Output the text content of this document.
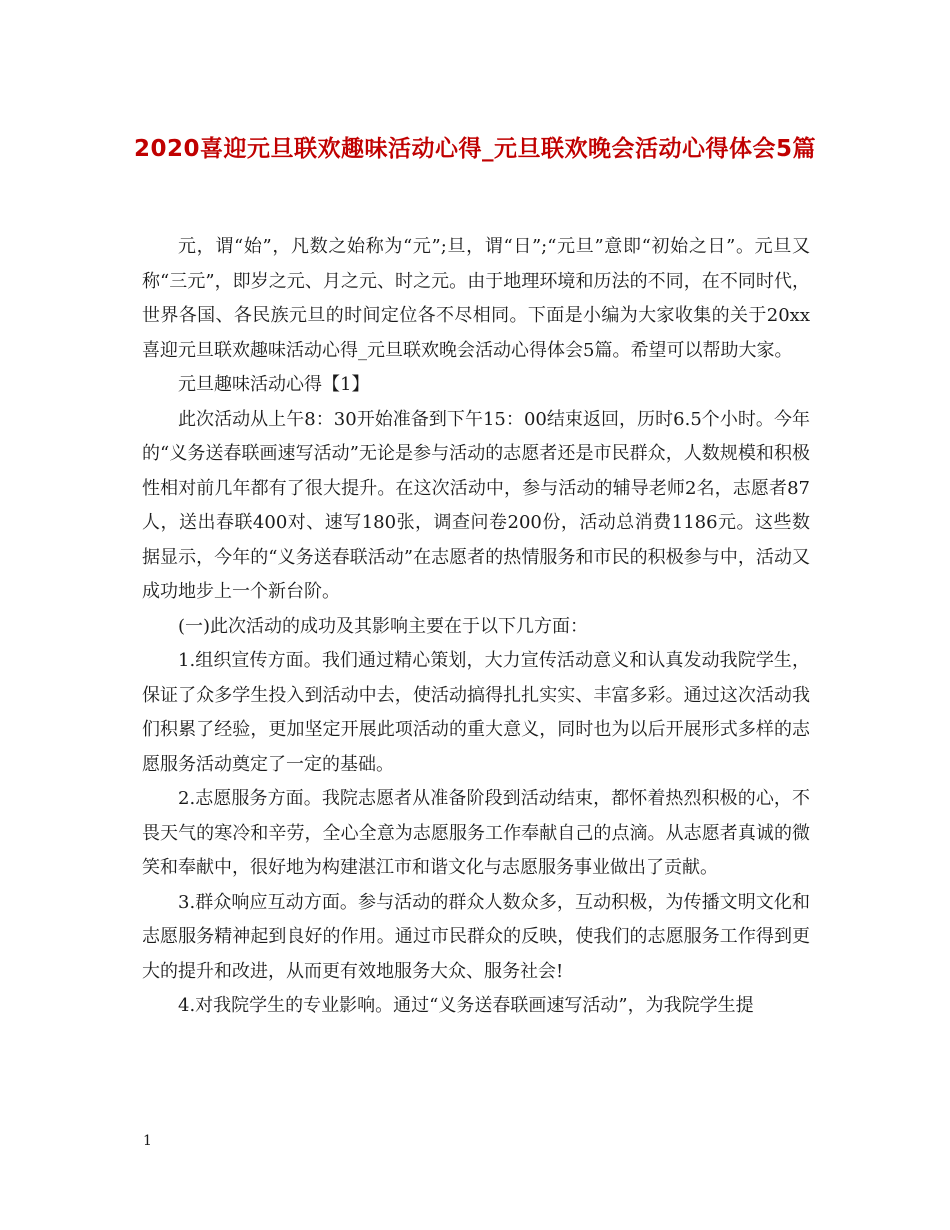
2020喜迎元旦联欢趣味活动心得_元旦联欢晚会活动心得体会5篇

元，谓“始”，凡数之始称为“元”;旦，谓“日”;“元旦”意即“初始之日”。元旦又称“三元”，即岁之元、月之元、时之元。由于地理环境和历法的不同，在不同时代，世界各国、各民族元旦的时间定位各不尽相同。下面是小编为大家收集的关于20xx喜迎元旦联欢趣味活动心得_元旦联欢晚会活动心得体会5篇。希望可以帮助大家。

元旦趣味活动心得【1】

此次活动从上午8：30开始准备到下午15：00结束返回，历时6.5个小时。今年的“义务送春联画速写活动”无论是参与活动的志愿者还是市民群众，人数规模和积极性相对前几年都有了很大提升。在这次活动中，参与活动的辅导老师2名，志愿者87人，送出春联400对、速写180张，调查问卷200份，活动总消费1186元。这些数据显示，今年的“义务送春联活动”在志愿者的热情服务和市民的积极参与中，活动又成功地步上一个新台阶。

(一)此次活动的成功及其影响主要在于以下几方面：

1.组织宣传方面。我们通过精心策划，大力宣传活动意义和认真发动我院学生，保证了众多学生投入到活动中去，使活动搞得扎扎实实、丰富多彩。通过这次活动我们积累了经验，更加坚定开展此项活动的重大意义，同时也为以后开展形式多样的志愿服务活动奠定了一定的基础。

2.志愿服务方面。我院志愿者从准备阶段到活动结束，都怀着热烈积极的心，不畏天气的寒冷和辛劳，全心全意为志愿服务工作奉献自己的点滴。从志愿者真诚的微笑和奉献中，很好地为构建湛江市和谐文化与志愿服务事业做出了贡献。

3.群众响应互动方面。参与活动的群众人数众多，互动积极，为传播文明文化和志愿服务精神起到良好的作用。通过市民群众的反映，使我们的志愿服务工作得到更大的提升和改进，从而更有效地服务大众、服务社会!

4.对我院学生的专业影响。通过“义务送春联画速写活动”，为我院学生提

1
